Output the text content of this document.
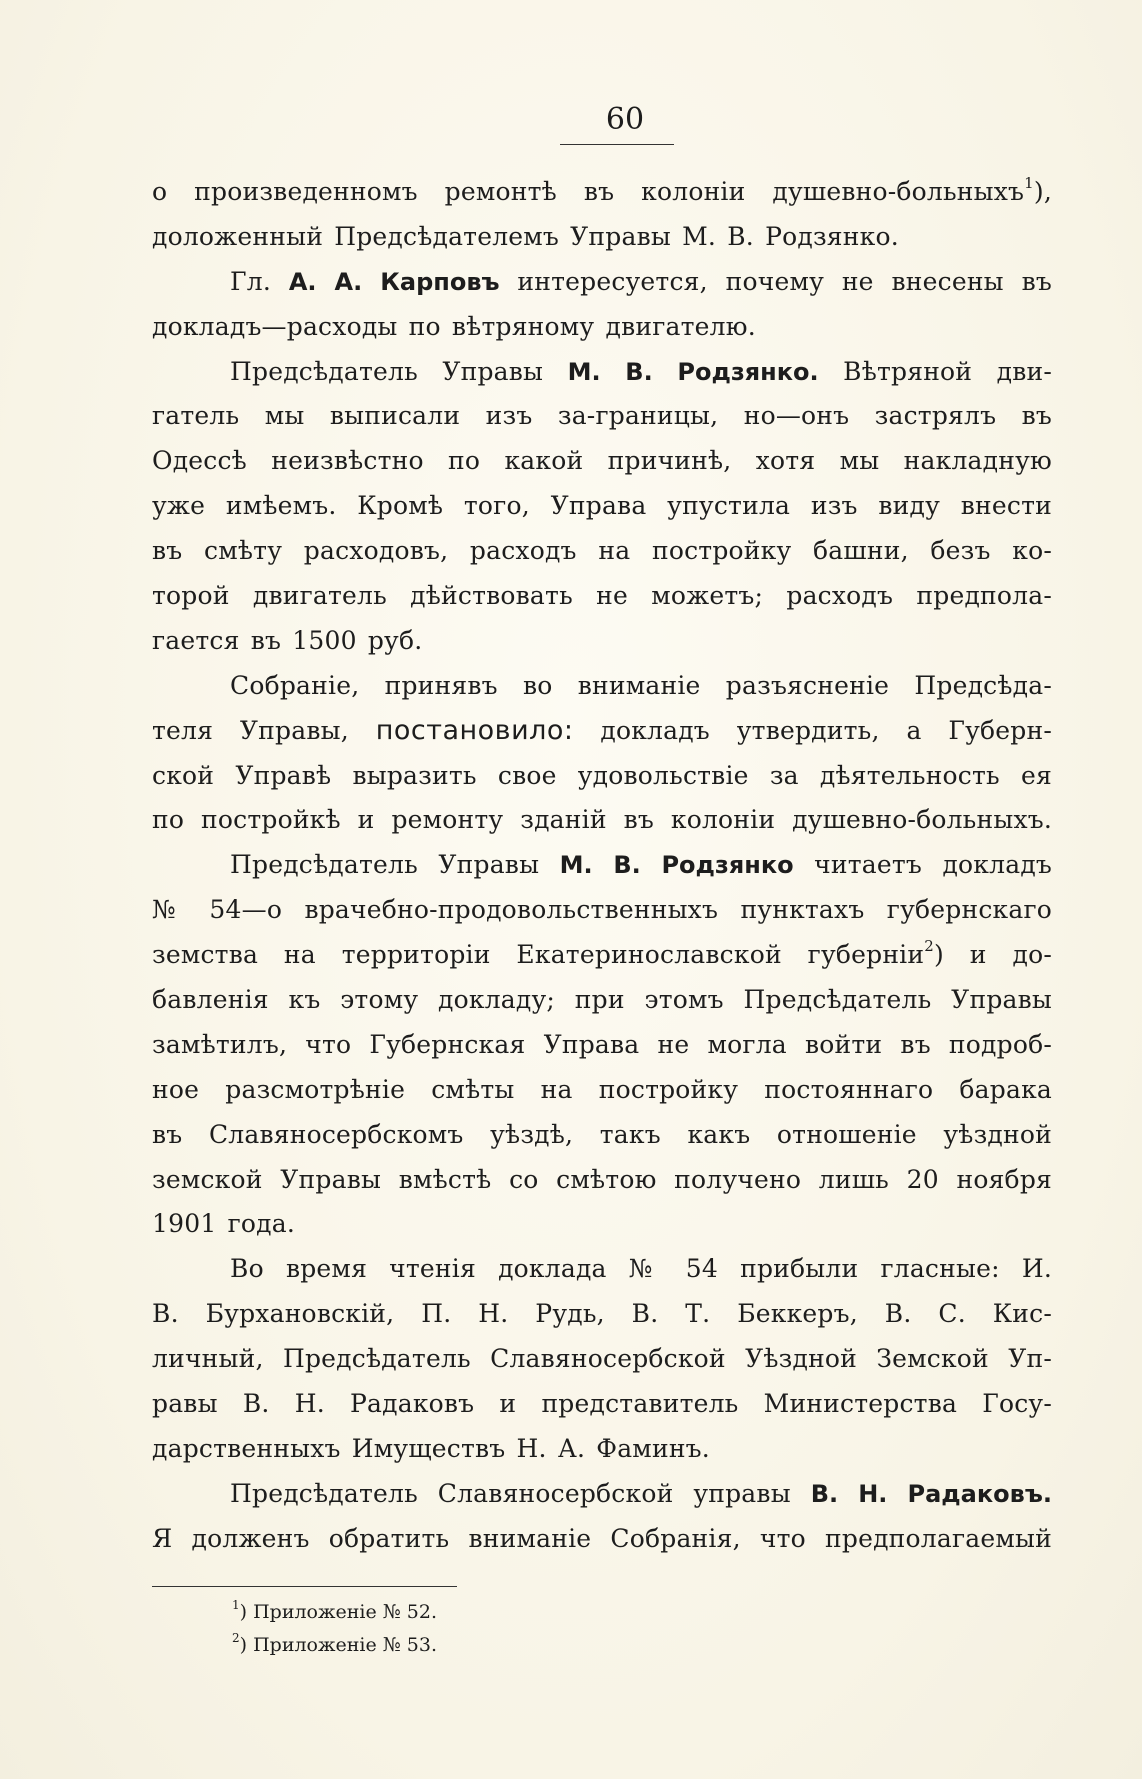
60
о произведенномъ ремонтѣ въ колоніи душевно-больныхъ$^1$),
доложенный Предсѣдателемъ Управы М. В. Родзянко.
Гл. А. А. Карповъ интересуется, почему не внесены въ
докладъ—расходы по вѣтряному двигателю.
Предсѣдатель Управы М. В. Родзянко. Вѣтряной дви-
гатель мы выписали изъ за-границы, но—онъ застрялъ въ
Одессѣ неизвѣстно по какой причинѣ, хотя мы накладную
уже имѣемъ. Кромѣ того, Управа упустила изъ виду внести
въ смѣту расходовъ, расходъ на постройку башни, безъ ко-
торой двигатель дѣйствовать не можетъ; расходъ предпола-
гается въ 1500 руб.
Собраніе, принявъ во вниманіе разъясненіе Предсѣда-
теля Управы, постановило: докладъ утвердить, а Губерн-
ской Управѣ выразить свое удовольствіе за дѣятельность ея
по постройкѣ и ремонту зданій въ колоніи душевно-больныхъ.
Предсѣдатель Управы М. В. Родзянко читаетъ докладъ
№ 54—о врачебно-продовольственныхъ пунктахъ губернскаго
земства на территоріи Екатеринославской губерніи$^2$) и до-
бавленія къ этому докладу; при этомъ Предсѣдатель Управы
замѣтилъ, что Губернская Управа не могла войти въ подроб-
ное разсмотрѣніе смѣты на постройку постояннаго барака
въ Славяносербскомъ уѣздѣ, такъ какъ отношеніе уѣздной
земской Управы вмѣстѣ со смѣтою получено лишь 20 ноября
1901 года.
Во время чтенія доклада № 54 прибыли гласные: И.
В. Бурхановскій, П. Н. Рудь, В. Т. Беккеръ, В. С. Кис-
личный, Предсѣдатель Славяносербской Уѣздной Земской Уп-
равы В. Н. Радаковъ и представитель Министерства Госу-
дарственныхъ Имуществъ Н. А. Фаминъ.
Предсѣдатель Славяносербской управы В. Н. Радаковъ.
Я долженъ обратить вниманіе Собранія, что предполагаемый
$^1$) Приложеніе № 52.
$^2$) Приложеніе № 53.
